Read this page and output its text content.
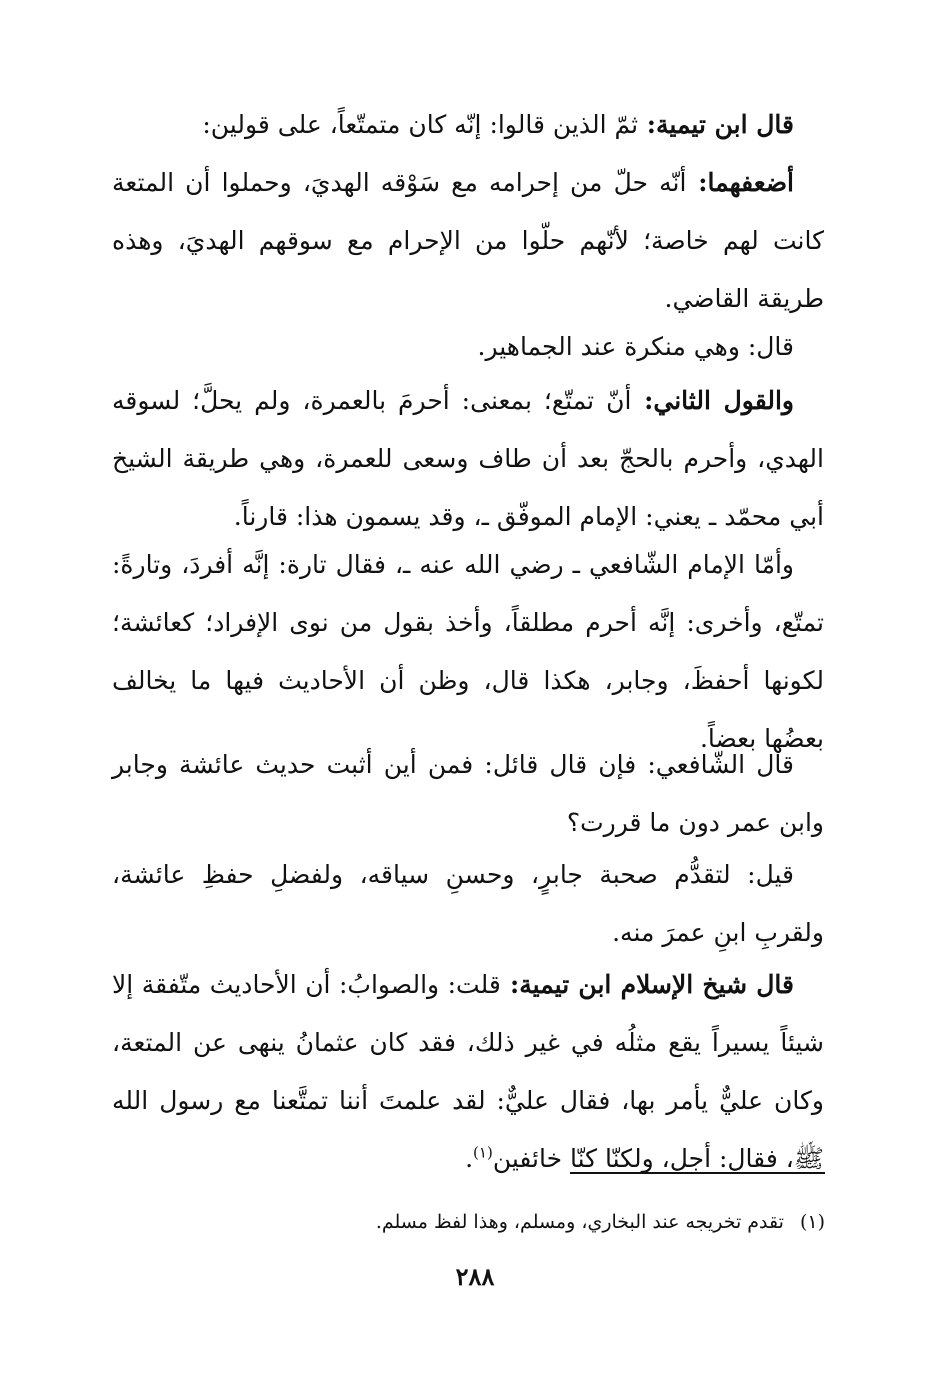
قال ابن تيمية: ثمّ الذين قالوا: إنّه كان متمتّعاً، على قولين:

أضعفهما: أنّه حلّ من إحرامه مع سَوْقه الهديَ، وحملوا أن المتعة كانت لهم خاصة؛ لأنّهم حلّوا من الإحرام مع سوقهم الهديَ، وهذه طريقة القاضي.

قال: وهي منكرة عند الجماهير.

والقول الثاني: أنّ تمتّع؛ بمعنى: أحرمَ بالعمرة، ولم يحلَّ؛ لسوقه الهدي، وأحرم بالحجّ بعد أن طاف وسعى للعمرة، وهي طريقة الشيخ أبي محمّد ـ يعني: الإمام الموفّق ـ، وقد يسمون هذا: قارناً.

وأمّا الإمام الشّافعي ـ رضي الله عنه ـ، فقال تارة: إنَّه أفردَ، وتارةً: تمتّع، وأخرى: إنَّه أحرم مطلقاً، وأخذ بقول من نوى الإفراد؛ كعائشة؛ لكونها أحفظَ، وجابر، هكذا قال، وظن أن الأحاديث فيها ما يخالف بعضُها بعضاً.

قال الشّافعي: فإن قال قائل: فمن أين أثبت حديث عائشة وجابر وابن عمر دون ما قررت؟

قيل: لتقدُّم صحبة جابرٍ، وحسنِ سياقه، ولفضلِ حفظِ عائشة، ولقربِ ابنِ عمرَ منه.

قال شيخ الإسلام ابن تيمية: قلت: والصوابُ: أن الأحاديث متّفقة إلا شيئاً يسيراً يقع مثلُه في غير ذلك، فقد كان عثمانُ ينهى عن المتعة، وكان عليٌّ يأمر بها، فقال عليٌّ: لقد علمتَ أننا تمتَّعنا مع رسول الله ﷺ، فقال: أجل، ولكنّا كنّا خائفين$^{(١)}$.

(١)تقدم تخريجه عند البخاري، ومسلم، وهذا لفظ مسلم.
٢٨٨
